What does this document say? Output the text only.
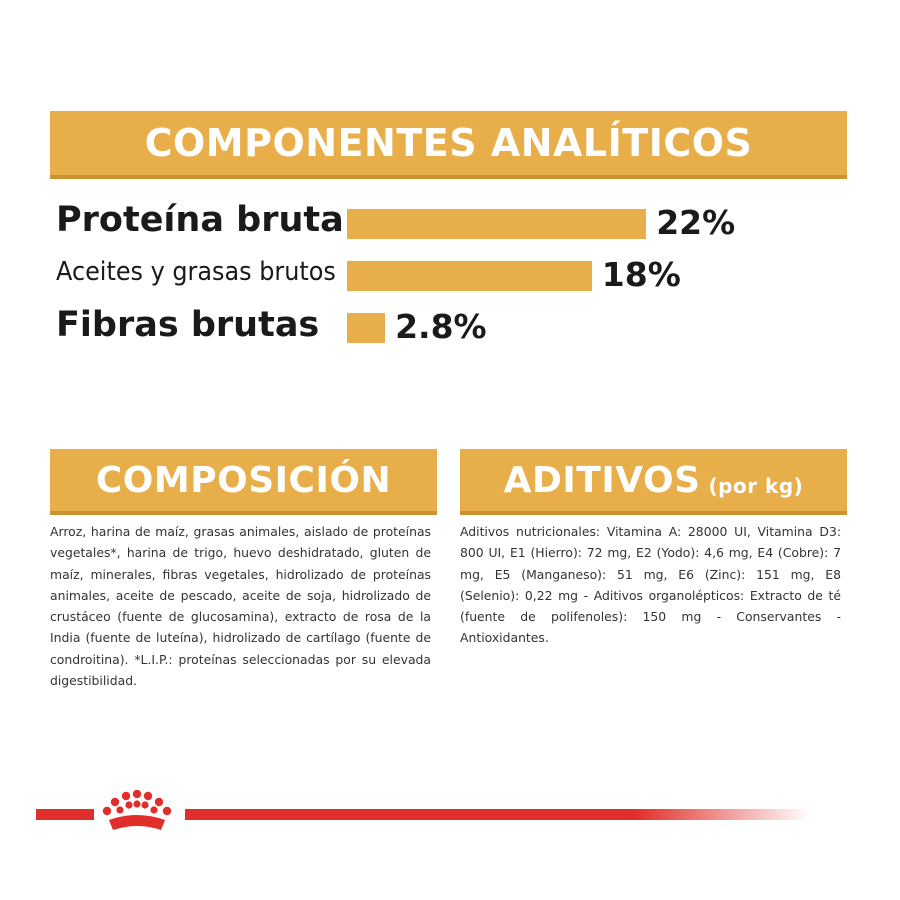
COMPONENTES ANALÍTICOS
Proteína bruta	22%
Aceites y grasas brutos	18%
Fibras brutas 2.8%
COMPOSICIÓN
Arroz, harina de maíz, grasas animales, aislado de proteínas vegetales*, harina de trigo, huevo deshidratado, gluten de maíz, minerales, fibras vegetales, hidrolizado de proteínas animales, aceite de pescado, aceite de soja, hidrolizado de crustáceo (fuente de glucosamina), extracto de rosa de la India (fuente de luteína), hidrolizado de cartílago (fuente de condroitina). *L.I.P.: proteínas seleccionadas por su elevada digestibilidad.
ADITIVOS (por kg)
Aditivos nutricionales: Vitamina A: 28000 UI, Vitamina D3: 800 UI, E1 (Hierro): 72 mg, E2 (Yodo): 4,6 mg, E4 (Cobre): 7 mg, E5 (Manganeso): 51 mg, E6 (Zinc): 151 mg, E8 (Selenio): 0,22 mg - Aditivos organolépticos: Extracto de té (fuente de polifenoles): 150 mg - Conservantes - Antioxidantes.
